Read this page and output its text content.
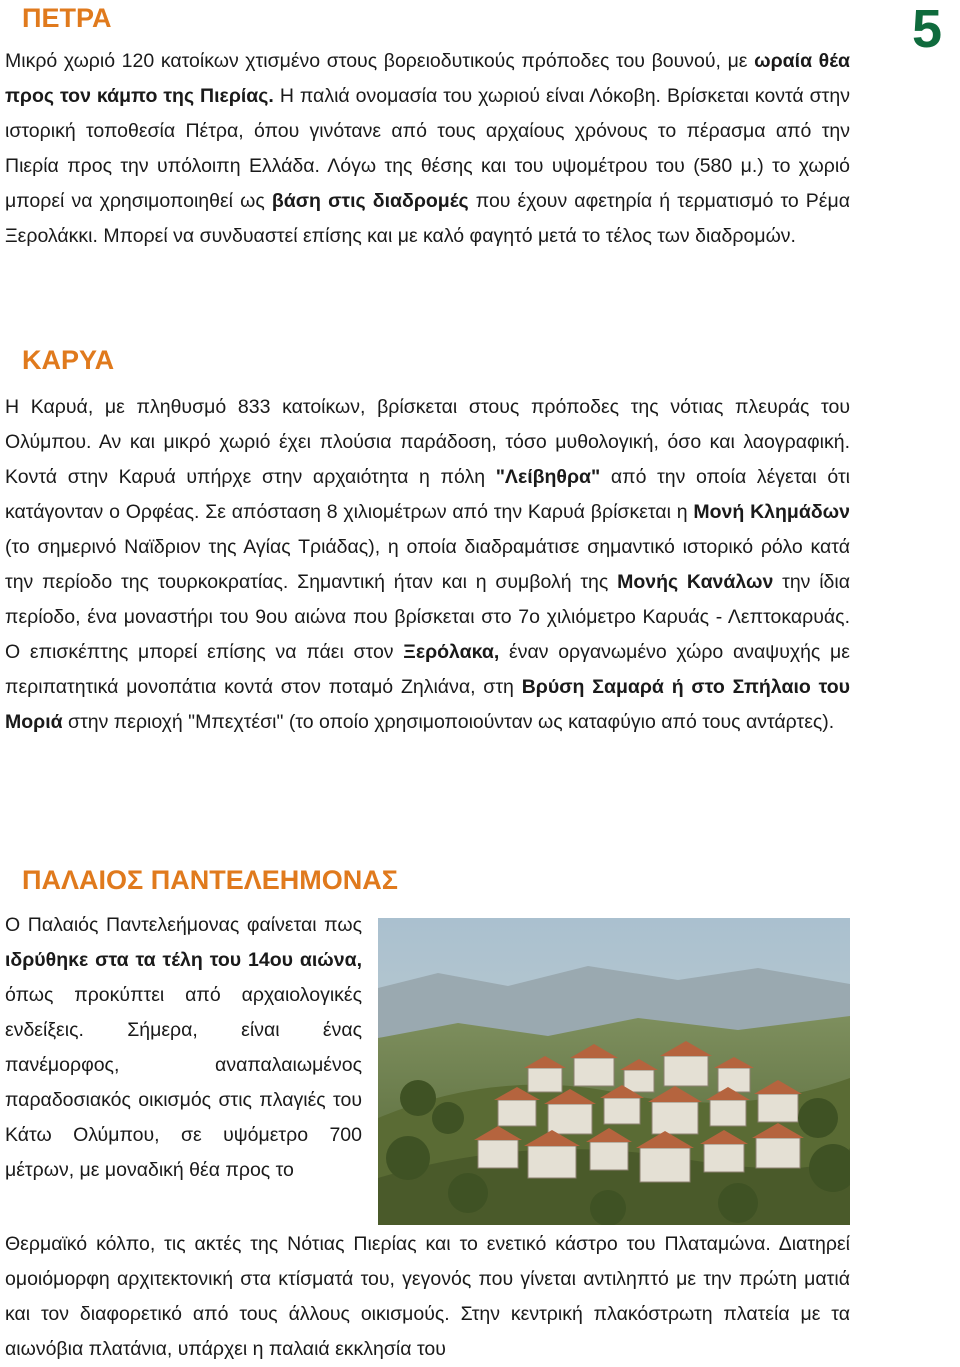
5
ΠΕΤΡΑ

Μικρό χωριό 120 κατοίκων χτισμένο στους βορειοδυτικούς πρόποδες του βουνού, με ωραία θέα προς τον κάμπο της Πιερίας. Η παλιά ονομασία του χωριού είναι Λόκοβη. Βρίσκεται κοντά στην ιστορική τοποθεσία Πέτρα, όπου γινότανε από τους αρχαίους χρόνους το πέρασμα από την Πιερία προς την υπόλοιπη Ελλάδα. Λόγω της θέσης και του υψομέτρου του (580 μ.) το χωριό μπορεί να χρησιμοποιηθεί ως βάση στις διαδρομές που έχουν αφετηρία ή τερματισμό το Ρέμα Ξερολάκκι. Μπορεί να συνδυαστεί επίσης και με καλό φαγητό μετά το τέλος των διαδρομών.

ΚΑΡΥΑ

Η Καρυά, με πληθυσμό 833 κατοίκων, βρίσκεται στους πρόποδες της νότιας πλευράς του Ολύμπου. Αν και μικρό χωριό έχει πλούσια παράδοση, τόσο μυθολογική, όσο και λαογραφική. Κοντά στην Καρυά υπήρχε στην αρχαιότητα η πόλη "Λείβηθρα" από την οποία λέγεται ότι κατάγονταν ο Ορφέας. Σε απόσταση 8 χιλιομέτρων από την Καρυά βρίσκεται η Μονή Κλημάδων (το σημερινό Ναϊδριον της Αγίας Τριάδας), η οποία διαδραμάτισε σημαντικό ιστορικό ρόλο κατά την περίοδο της τουρκοκρατίας. Σημαντική ήταν και η συμβολή της Μονής Κανάλων την ίδια περίοδο, ένα μοναστήρι του 9ου αιώνα που βρίσκεται στο 7ο χιλιόμετρο Καρυάς - Λεπτοκαρυάς. Ο επισκέπτης μπορεί επίσης να πάει στον Ξερόλακα, έναν οργανωμένο χώρο αναψυχής με περιπατητικά μονοπάτια κοντά στον ποταμό Ζηλιάνα, στη Βρύση Σαμαρά ή στο Σπήλαιο του Μοριά στην περιοχή "Μπεχτέσι" (το οποίο χρησιμοποιούνταν ως καταφύγιο από τους αντάρτες).

ΠΑΛΑΙΟΣ ΠΑΝΤΕΛΕΗΜΟΝΑΣ

Ο Παλαιός Παντελεήμονας φαίνεται πως ιδρύθηκε στα τα τέλη του 14ου αιώνα, όπως προκύπτει από αρχαιολογικές ενδείξεις. Σήμερα, είναι ένας πανέμορφος, αναπαλαιωμένος παραδοσιακός οικισμός στις πλαγιές του Κάτω Ολύμπου, σε υψόμετρο 700 μέτρων, με μοναδική θέα προς το

Θερμαϊκό κόλπο, τις ακτές της Νότιας Πιερίας και το ενετικό κάστρο του Πλαταμώνα. Διατηρεί ομοιόμορφη αρχιτεκτονική στα κτίσματά του, γεγονός που γίνεται αντιληπτό με την πρώτη ματιά και τον διαφορετικό από τους άλλους οικισμούς. Στην κεντρική πλακόστρωτη πλατεία με τα αιωνόβια πλατάνια, υπάρχει η παλαιά εκκλησία του
